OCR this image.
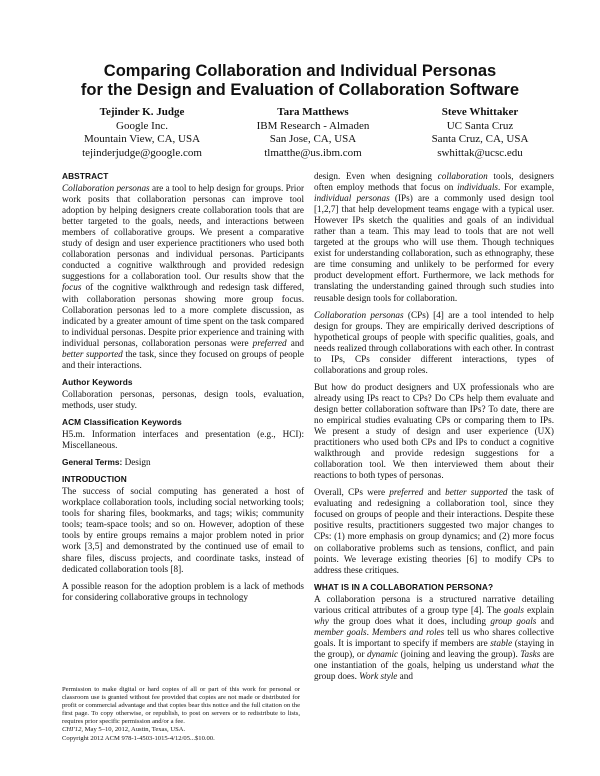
Comparing Collaboration and Individual Personas
for the Design and Evaluation of Collaboration Software
Tejinder K. Judge
Google Inc.
Mountain View, CA, USA
tejinderjudge@google.com
Tara Matthews
IBM Research - Almaden
San Jose, CA, USA
tlmatthe@us.ibm.com
Steve Whittaker
UC Santa Cruz
Santa Cruz, CA, USA
swhittak@ucsc.edu
ABSTRACT

Collaboration personas are a tool to help design for groups. Prior work posits that collaboration personas can improve tool adoption by helping designers create collaboration tools that are better targeted to the goals, needs, and interactions between members of collaborative groups. We present a comparative study of design and user experience practitioners who used both collaboration personas and individual personas. Participants conducted a cognitive walkthrough and provided redesign suggestions for a collaboration tool. Our results show that the focus of the cognitive walkthrough and redesign task differed, with collaboration personas showing more group focus. Collaboration personas led to a more complete discussion, as indicated by a greater amount of time spent on the task compared to individual personas. Despite prior experience and training with individual personas, collaboration personas were preferred and better supported the task, since they focused on groups of people and their interactions.

Author Keywords

Collaboration personas, personas, design tools, evaluation, methods, user study.

ACM Classification Keywords

H5.m. Information interfaces and presentation (e.g., HCI): Miscellaneous.

General Terms: Design

INTRODUCTION

The success of social computing has generated a host of workplace collaboration tools, including social networking tools; tools for sharing files, bookmarks, and tags; wikis; community tools; team-space tools; and so on. However, adoption of these tools by entire groups remains a major problem noted in prior work [3,5] and demonstrated by the continued use of email to share files, discuss projects, and coordinate tasks, instead of dedicated collaboration tools [8].

A possible reason for the adoption problem is a lack of methods for considering collaborative groups in technology

Permission to make digital or hard copies of all or part of this work for personal or classroom use is granted without fee provided that copies are not made or distributed for profit or commercial advantage and that copies bear this notice and the full citation on the first page. To copy otherwise, or republish, to post on servers or to redistribute to lists, requires prior specific permission and/or a fee.

CHI'12, May 5–10, 2012, Austin, Texas, USA.

Copyright 2012 ACM 978-1-4503-1015-4/12/05...$10.00.

design. Even when designing collaboration tools, designers often employ methods that focus on individuals. For example, individual personas (IPs) are a commonly used design tool [1,2,7] that help development teams engage with a typical user. However IPs sketch the qualities and goals of an individual rather than a team. This may lead to tools that are not well targeted at the groups who will use them. Though techniques exist for understanding collaboration, such as ethnography, these are time consuming and unlikely to be performed for every product development effort. Furthermore, we lack methods for translating the understanding gained through such studies into reusable design tools for collaboration.

Collaboration personas (CPs) [4] are a tool intended to help design for groups. They are empirically derived descriptions of hypothetical groups of people with specific qualities, goals, and needs realized through collaborations with each other. In contrast to IPs, CPs consider different interactions, types of collaborations and group roles.

But how do product designers and UX professionals who are already using IPs react to CPs? Do CPs help them evaluate and design better collaboration software than IPs? To date, there are no empirical studies evaluating CPs or comparing them to IPs. We present a study of design and user experience (UX) practitioners who used both CPs and IPs to conduct a cognitive walkthrough and provide redesign suggestions for a collaboration tool. We then interviewed them about their reactions to both types of personas.

Overall, CPs were preferred and better supported the task of evaluating and redesigning a collaboration tool, since they focused on groups of people and their interactions. Despite these positive results, practitioners suggested two major changes to CPs: (1) more emphasis on group dynamics; and (2) more focus on collaborative problems such as tensions, conflict, and pain points. We leverage existing theories [6] to modify CPs to address these critiques.

WHAT IS IN A COLLABORATION PERSONA?

A collaboration persona is a structured narrative detailing various critical attributes of a group type [4]. The goals explain why the group does what it does, including group goals and member goals. Members and roles tell us who shares collective goals. It is important to specify if members are stable (staying in the group), or dynamic (joining and leaving the group). Tasks are one instantiation of the goals, helping us understand what the group does. Work style and
